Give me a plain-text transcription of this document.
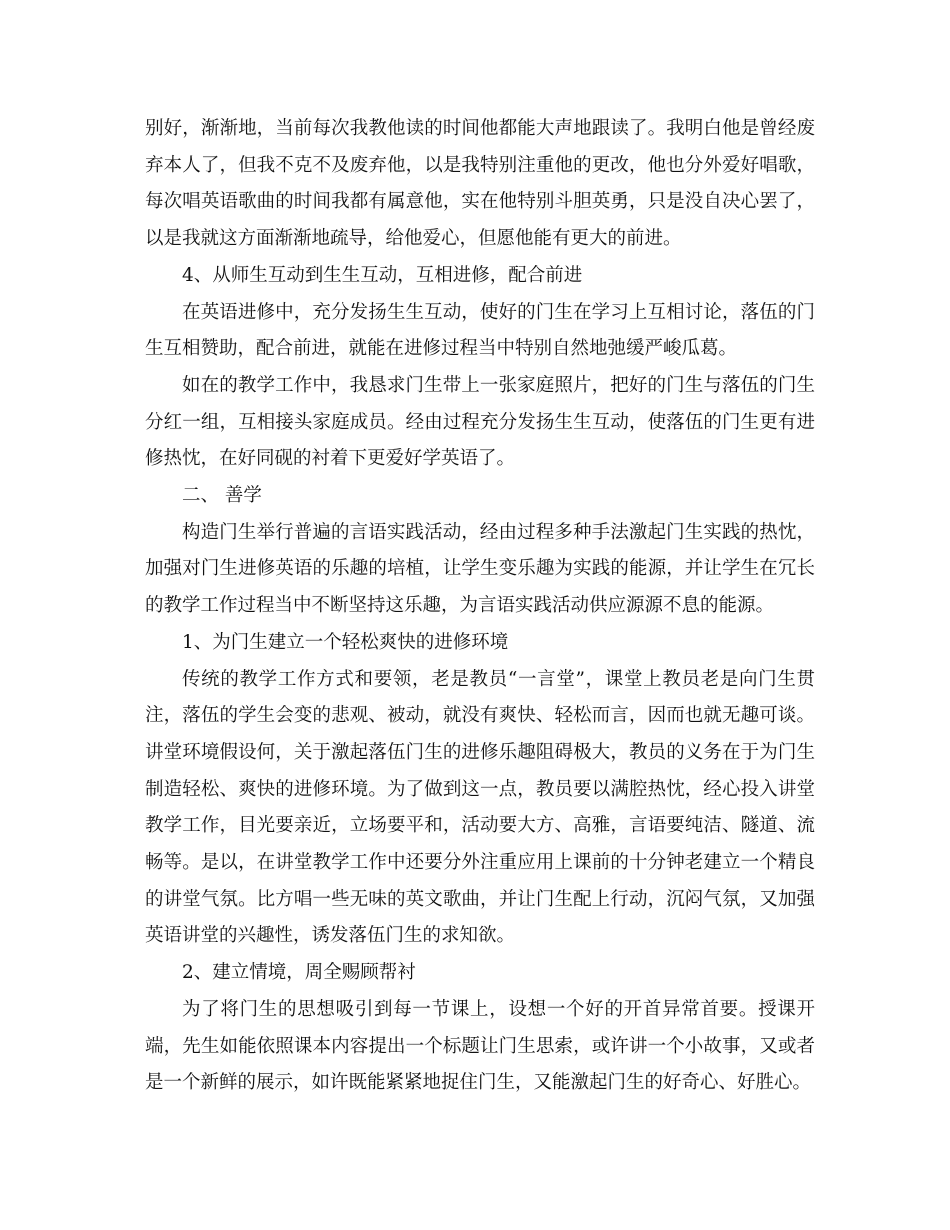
别好，渐渐地，当前每次我教他读的时间他都能大声地跟读了。我明白他是曾经废弃本人了，但我不克不及废弃他，以是我特别注重他的更改，他也分外爱好唱歌，每次唱英语歌曲的时间我都有属意他，实在他特别斗胆英勇，只是没自决心罢了，以是我就这方面渐渐地疏导，给他爱心，但愿他能有更大的前进。

4、从师生互动到生生互动，互相进修，配合前进

在英语进修中，充分发扬生生互动，使好的门生在学习上互相讨论，落伍的门生互相赞助，配合前进，就能在进修过程当中特别自然地弛缓严峻瓜葛。

如在的教学工作中，我恳求门生带上一张家庭照片，把好的门生与落伍的门生分红一组，互相接头家庭成员。经由过程充分发扬生生互动，使落伍的门生更有进修热忱，在好同砚的衬着下更爱好学英语了。

二、 善学

构造门生举行普遍的言语实践活动，经由过程多种手法激起门生实践的热忱，加强对门生进修英语的乐趣的培植，让学生变乐趣为实践的能源，并让学生在冗长的教学工作过程当中不断坚持这乐趣，为言语实践活动供应源源不息的能源。

1、为门生建立一个轻松爽快的进修环境

传统的教学工作方式和要领，老是教员“一言堂”，课堂上教员老是向门生贯注，落伍的学生会变的悲观、被动，就没有爽快、轻松而言，因而也就无趣可谈。讲堂环境假设何，关于激起落伍门生的进修乐趣阻碍极大，教员的义务在于为门生制造轻松、爽快的进修环境。为了做到这一点，教员要以满腔热忱，经心投入讲堂教学工作，目光要亲近，立场要平和，活动要大方、高雅，言语要纯洁、隧道、流畅等。是以，在讲堂教学工作中还要分外注重应用上课前的十分钟老建立一个精良的讲堂气氛。比方唱一些无味的英文歌曲，并让门生配上行动，沉闷气氛，又加强英语讲堂的兴趣性，诱发落伍门生的求知欲。

2、建立情境，周全赐顾帮衬

为了将门生的思想吸引到每一节课上，设想一个好的开首异常首要。授课开端，先生如能依照课本内容提出一个标题让门生思索，或许讲一个小故事，又或者是一个新鲜的展示，如许既能紧紧地捉住门生，又能激起门生的好奇心、好胜心。
